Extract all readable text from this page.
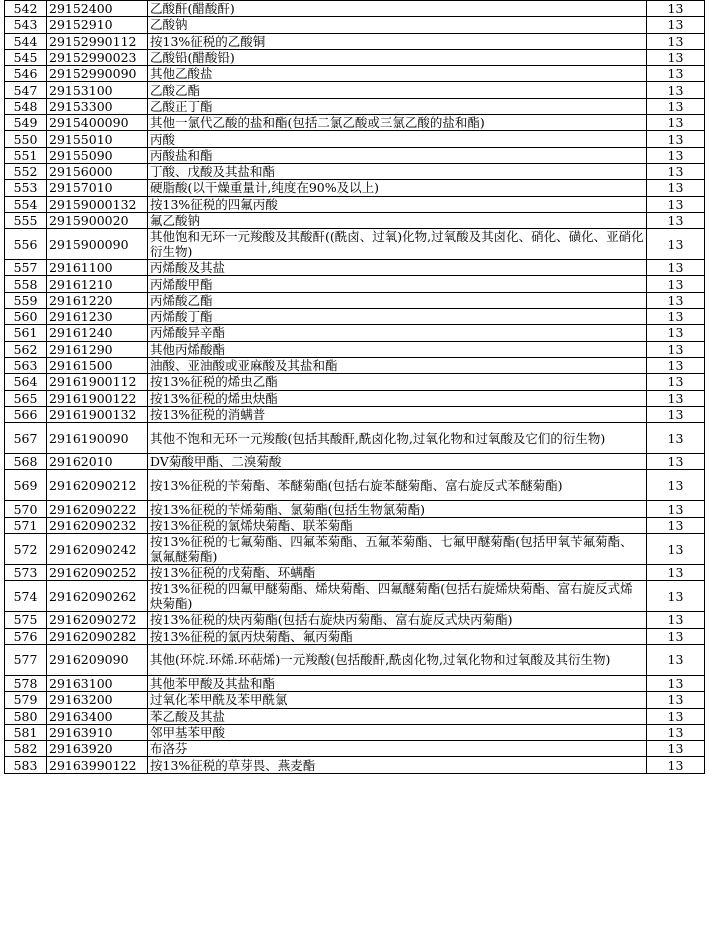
542	29152400	乙酸酐(醋酸酐)	13
543	29152910	乙酸钠	13
544	29152990112	按13%征税的乙酸铜	13
545	29152990023	乙酸铅(醋酸铅)	13
546	29152990090	其他乙酸盐	13
547	29153100	乙酸乙酯	13
548	29153300	乙酸正丁酯	13
549	2915400090	其他一氯代乙酸的盐和酯(包括二氯乙酸或三氯乙酸的盐和酯)	13
550	29155010	丙酸	13
551	29155090	丙酸盐和酯	13
552	29156000	丁酸、戊酸及其盐和酯	13
553	29157010	硬脂酸(以干燥重量计,纯度在90%及以上)	13
554	29159000132	按13%征税的四氟丙酸	13
555	2915900020	氟乙酸钠	13
556	2915900090	其他饱和无环一元羧酸及其酸酐((酰卤、过氧)化物,过氧酸及其卤化、硝化、磺化、亚硝化衍生物)	13
557	29161100	丙烯酸及其盐	13
558	29161210	丙烯酸甲酯	13
559	29161220	丙烯酸乙酯	13
560	29161230	丙烯酸丁酯	13
561	29161240	丙烯酸异辛酯	13
562	29161290	其他丙烯酸酯	13
563	29161500	油酸、亚油酸或亚麻酸及其盐和酯	13
564	29161900112	按13%征税的烯虫乙酯	13
565	29161900122	按13%征税的烯虫炔酯	13
566	29161900132	按13%征税的消螨普	13
567	2916190090	其他不饱和无环一元羧酸(包括其酸酐,酰卤化物,过氧化物和过氧酸及它们的衍生物)	13
568	29162010	DV菊酸甲酯、二溴菊酸	13
569	29162090212	按13%征税的苄菊酯、苯醚菊酯(包括右旋苯醚菊酯、富右旋反式苯醚菊酯)	13
570	29162090222	按13%征税的苄烯菊酯、氯菊酯(包括生物氯菊酯)	13
571	29162090232	按13%征税的氯烯炔菊酯、联苯菊酯	13
572	29162090242	按13%征税的七氟菊酯、四氟苯菊酯、五氟苯菊酯、七氟甲醚菊酯(包括甲氧苄氟菊酯、氯氟醚菊酯)	13
573	29162090252	按13%征税的戊菊酯、环螨酯	13
574	29162090262	按13%征税的四氟甲醚菊酯、烯炔菊酯、四氟醚菊酯(包括右旋烯炔菊酯、富右旋反式烯炔菊酯)	13
575	29162090272	按13%征税的炔丙菊酯(包括右旋炔丙菊酯、富右旋反式炔丙菊酯)	13
576	29162090282	按13%征税的氯丙炔菊酯、氟丙菊酯	13
577	2916209090	其他(环烷.环烯.环萜烯)一元羧酸(包括酸酐,酰卤化物,过氧化物和过氧酸及其衍生物)	13
578	29163100	其他苯甲酸及其盐和酯	13
579	29163200	过氧化苯甲酰及苯甲酰氯	13
580	29163400	苯乙酸及其盐	13
581	29163910	邻甲基苯甲酸	13
582	29163920	布洛芬	13
583	29163990122	按13%征税的草芽畏、燕麦酯	13
